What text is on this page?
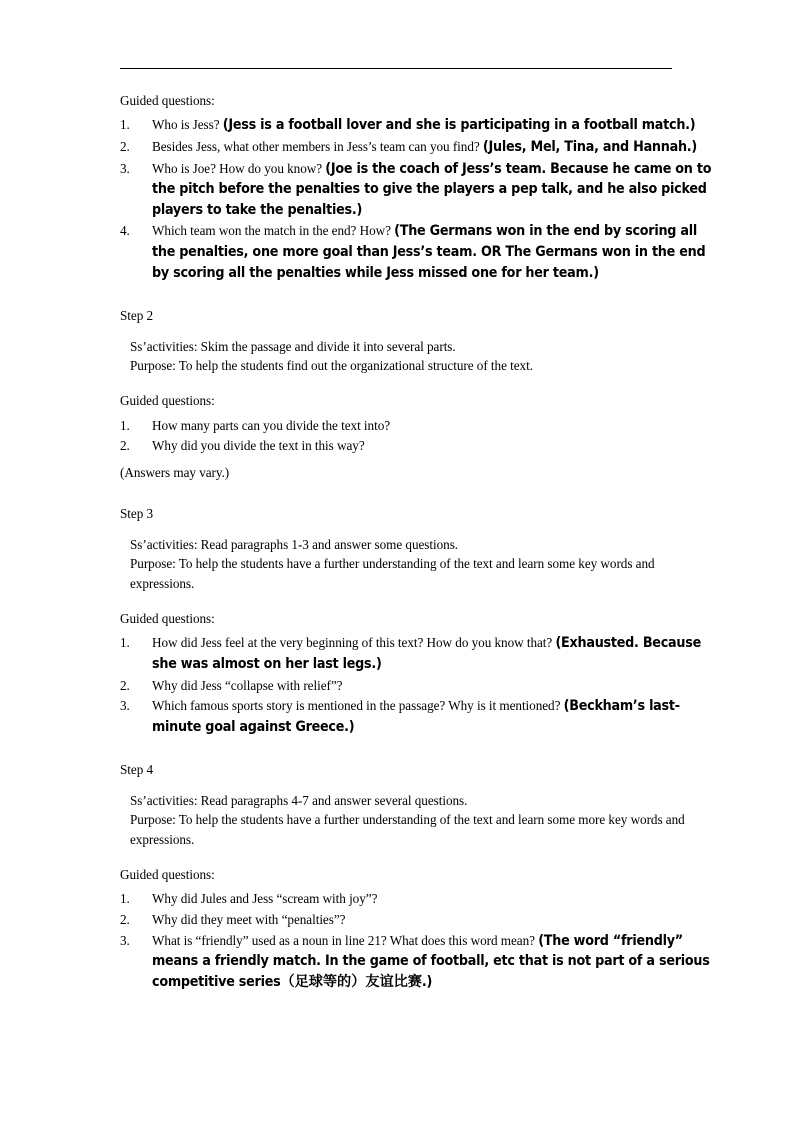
Guided questions:
1.	Who is Jess? (Jess is a football lover and she is participating in a football match.)
2.	Besides Jess, what other members in Jess’s team can you find? (Jules, Mel, Tina, and Hannah.)
3.	Who is Joe? How do you know? (Joe is the coach of Jess’s team. Because he came on to the pitch before the penalties to give the players a pep talk, and he also picked players to take the penalties.)
4.	Which team won the match in the end? How? (The Germans won in the end by scoring all the penalties, one more goal than Jess’s team. OR The Germans won in the end by scoring all the penalties while Jess missed one for her team.)
Step 2
Ss’activities: Skim the passage and divide it into several parts.
Purpose: To help the students find out the organizational structure of the text.
Guided questions:
1.	How many parts can you divide the text into?
2.	Why did you divide the text in this way?
(Answers may vary.)
Step 3
Ss’activities: Read paragraphs 1-3 and answer some questions.
Purpose: To help the students have a further understanding of the text and learn some key words and expressions.
Guided questions:
1.	How did Jess feel at the very beginning of this text? How do you know that? (Exhausted. Because she was almost on her last legs.)
2.	Why did Jess “collapse with relief”?
3.	Which famous sports story is mentioned in the passage? Why is it mentioned? (Beckham’s last-minute goal against Greece.)
Step 4
Ss’activities: Read paragraphs 4-7 and answer several questions.
Purpose: To help the students have a further understanding of the text and learn some more key words and expressions.
Guided questions:
1.	Why did Jules and Jess “scream with joy”?
2.	Why did they meet with “penalties”?
3.	What is “friendly” used as a noun in line 21? What does this word mean? (The word “friendly” means a friendly match. In the game of football, etc that is not part of a serious competitive series（足球等的）友谊比赛.)
